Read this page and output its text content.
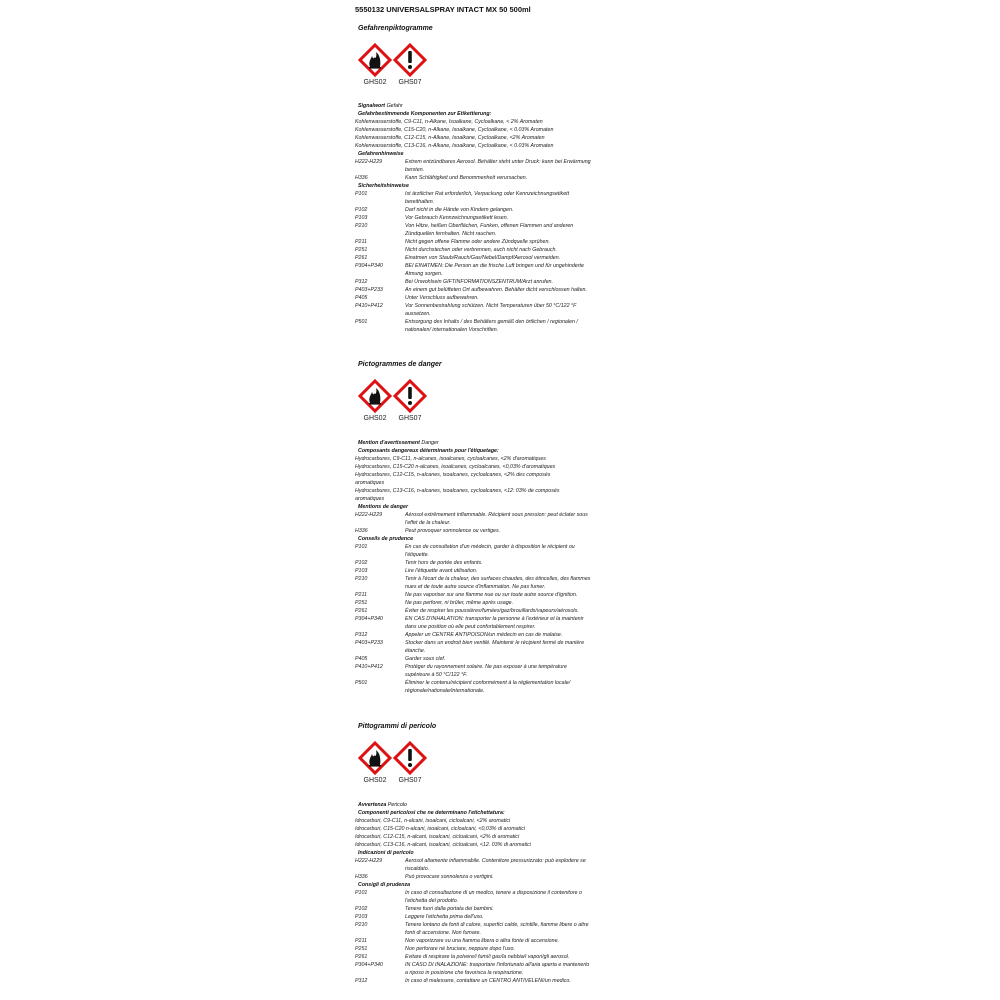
5550132 UNIVERSALSPRAY INTACT MX 50 500ml
Gefahrenpiktogramme
GHS02	GHS07
Signalwort Gefahr
Gefahrbestimmende Komponenten zur Etikettierung:
Kohlenwasserstoffe, C9-C11, n-Alkane, Isoalkane, Cycloalkane, < 2% Aromaten
Kohlenwasserstoffe, C15-C20, n-Alkane, Isoalkane, Cycloalkane, < 0.03% Aromaten
Kohlenwasserstoffe, C12-C15, n-Alkane, Isoalkane, Cycloalkane, <2% Aromaten
Kohlenwasserstoffe, C13-C16, n-Alkane, Isoalkane, Cycloalkane, < 0.03% Aromaten
Gefahrenhinweise
H222-H229	Extrem entzündbares Aerosol. Behälter steht unter Druck: kann bei Erwärmung
bersten.
H336	Kann Schläfrigkeit und Benommenheit verursachen.
Sicherheitshinweise
P101	Ist ärztlicher Rat erforderlich, Verpackung oder Kennzeichnungsetikett
bereithalten.
P102	Darf nicht in die Hände von Kindern gelangen.
P103	Vor Gebrauch Kennzeichnungsetikett lesen.
P210	Von Hitze, heißen Oberflächen, Funken, offenen Flammen und anderen
Zündquellen fernhalten. Nicht rauchen.
P211	Nicht gegen offene Flamme oder andere Zündquelle sprühen.
P251	Nicht durchstechen oder verbrennen, auch nicht nach Gebrauch.
P261	Einatmen von Staub/Rauch/Gas/Nebel/Dampf/Aerosol vermeiden.
P304+P340	BEI EINATMEN: Die Person an die frische Luft bringen und für ungehinderte
Atmung sorgen.
P312	Bei Unwohlsein GIFTINFORMATIONSZENTRUM/Arzt anrufen.
P403+P233	An einem gut belüfteten Ort aufbewahren. Behälter dicht verschlossen halten.
P405	Unter Verschluss aufbewahren.
P410+P412	Vor Sonnenbestrahlung schützen. Nicht Temperaturen über 50 °C/122 °F
aussetzen.
P501	Entsorgung des Inhalts / des Behälters gemäß den örtlichen / regionalen /
nationalen/ internationalen Vorschriften.
Pictogrammes de danger
GHS02	GHS07
Mention d'avertissement Danger
Composants dangereux déterminants pour l'étiquetage:
Hydrocarbures, C9-C11, n-alcanes, isoalcanes, cycloalcanes, <2% d'aromatiques
Hydrocarbures, C15-C20 n-alcanes, isoalcanes, cycloalcanes, <0,03% d'aromatiques
Hydrocarbures, C12-C15, n-alcanes, isoalcanes, cycloalcanes, <2% des composés
aromatiques
Hydrocarbures, C13-C16, n-alcanes, isoalcanes, cycloalcanes, <12: 03% de composés
aromatiques
Mentions de danger
H222-H229	Aérosol extrêmement inflammable. Récipient sous pression: peut éclater sous
l'effet de la chaleur.
H336	Peut provoquer somnolence ou vertiges.
Conseils de prudence
P101	En cas de consultation d'un médecin, garder à disposition le récipient ou
l'étiquette.
P102	Tenir hors de portée des enfants.
P103	Lire l'étiquette avant utilisation.
P210	Tenir à l'écart de la chaleur, des surfaces chaudes, des étincelles, des flammes
nues et de toute autre source d'inflammation. Ne pas fumer.
P211	Ne pas vaporiser sur une flamme nue ou sur toute autre source d'ignition.
P251	Ne pas perforer, ni brûler, même après usage.
P261	Éviter de respirer les poussières/fumées/gaz/brouillards/vapeurs/aérosols.
P304+P340	EN CAS D'INHALATION: transporter la personne à l'extérieur et la maintenir
dans une position où elle peut confortablement respirer.
P312	Appeler un CENTRE ANTIPOISON/un médecin en cas de malaise.
P403+P233	Stocker dans un endroit bien ventilé. Maintenir le récipient fermé de manière
étanche.
P405	Garder sous clef.
P410+P412	Protéger du rayonnement solaire. Ne pas exposer à une température
supérieure à 50 °C/122 °F.
P501	Éliminer le contenu/récipient conformément à la réglementation locale/
régionale/nationale/internationale.
Pittogrammi di pericolo
GHS02	GHS07
Avvertenza Pericolo
Componenti pericolosi che ne determinano l'etichettatura:
Idrocarburi, C9-C11, n-alcani, isoalcani, cicloalcani, <2% aromatici
Idrocarburi, C15-C20 n-alcani, isoalcani, cicloalcani, <0,03% di aromatici
Idrocarburi, C12-C15, n-alcani, isoalcani, cicloalcani, <2% di aromatici
Idrocarburi, C13-C16, n-alcani, isoalcani, cicloalcani, <12. 03% di aromatici
Indicazioni di pericolo
H222-H229	Aerosol altamente infiammabile. Contenitore pressurizzato: può esplodere se
riscaldato.
H336	Può provocare sonnolenza o vertigini.
Consigli di prudenza
P101	In caso di consultazione di un medico, tenere a disposizione il contenitore o
l'etichetta del prodotto.
P102	Tenere fuori dalla portata dei bambini.
P103	Leggere l'etichetta prima dell'uso.
P210	Tenere lontano da fonti di calore, superfici calde, scintille, fiamme libere o altre
fonti di accensione. Non fumare.
P211	Non vaporizzare su una fiamma libera o altra fonte di accensione.
P251	Non perforare né bruciare, neppure dopo l'uso.
P261	Evitare di respirare la polvere/i fumi/i gas/la nebbia/i vapori/gli aerosol.
P304+P340	IN CASO DI INALAZIONE: trasportare l'infortunato all'aria aperta e mantenerlo
a riposo in posizione che favorisca la respirazione.
P312	In caso di malessere, contattare un CENTRO ANTIVELENI/un medico.
